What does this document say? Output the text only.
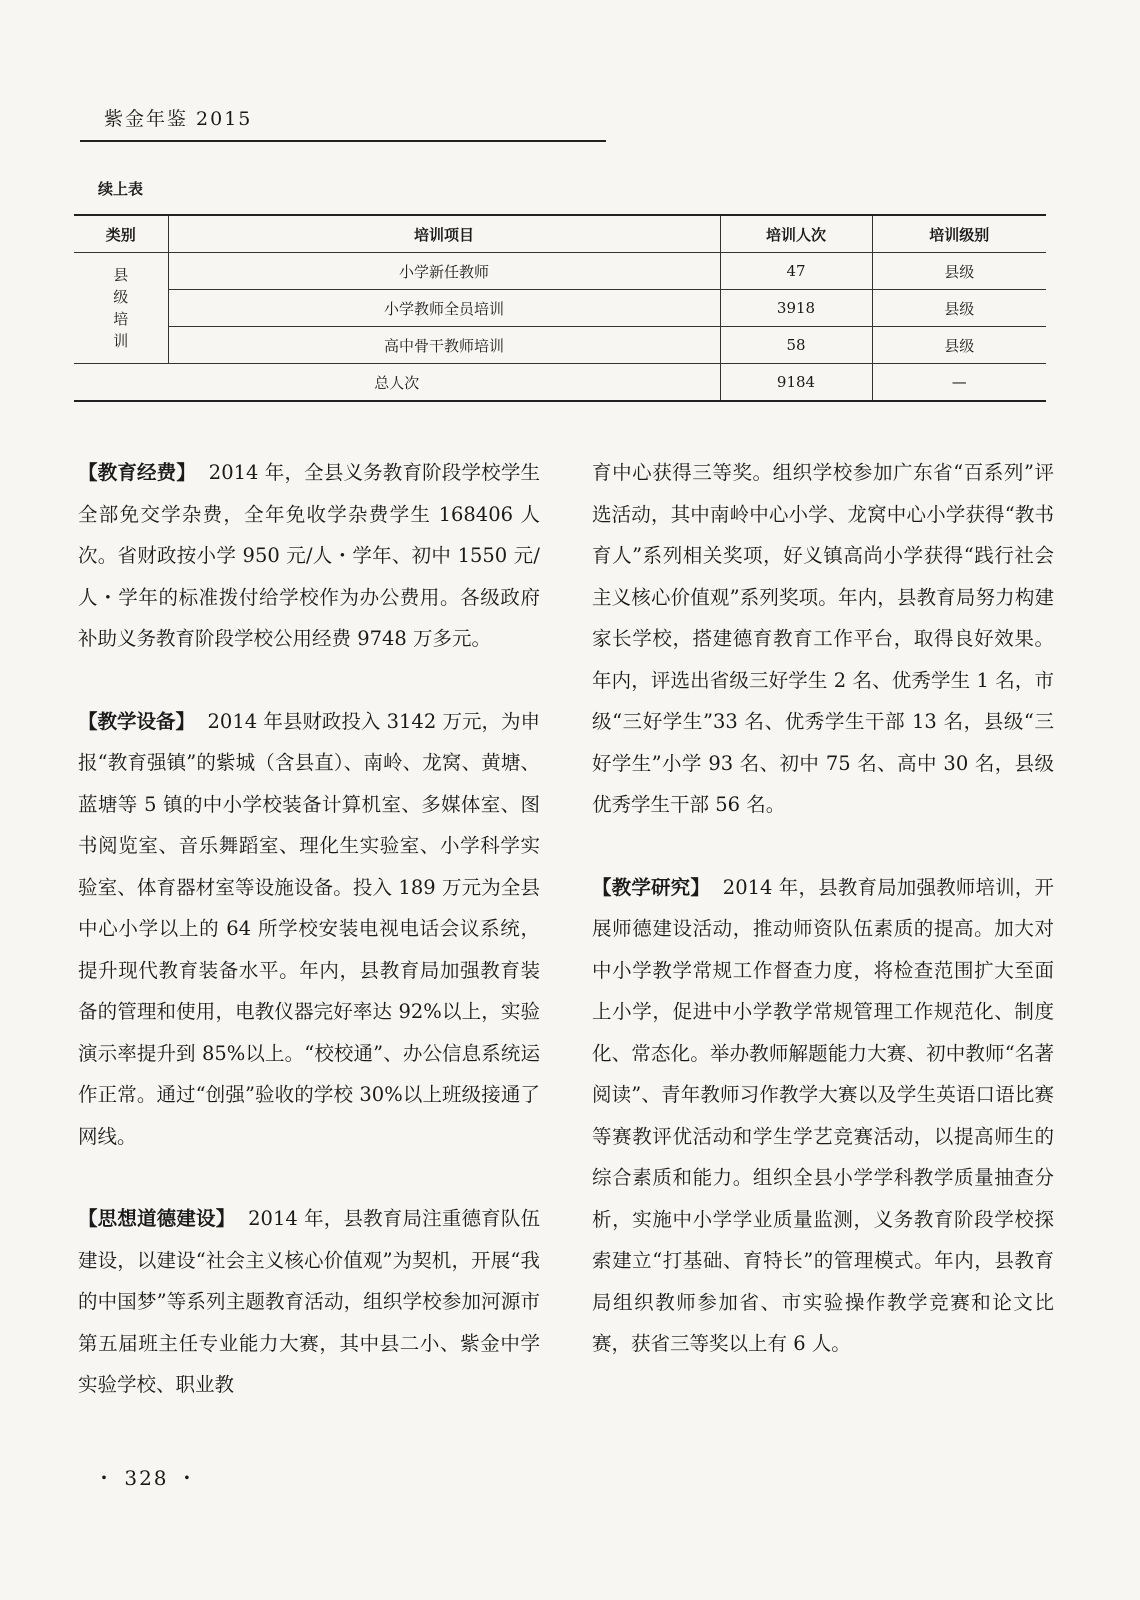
紫金年鉴 2015
续上表
类别	培训项目	培训人次	培训级别
县级培训	小学新任教师	47	县级
	小学教师全员培训	3918	县级
	高中骨干教师培训	58	县级
总人次		9184	—

【教育经费】 2014 年，全县义务教育阶段学校学生全部免交学杂费，全年免收学杂费学生 168406 人次。省财政按小学 950 元/人・学年、初中 1550 元/人・学年的标准拨付给学校作为办公费用。各级政府补助义务教育阶段学校公用经费 9748 万多元。

【教学设备】 2014 年县财政投入 3142 万元，为申报“教育强镇”的紫城（含县直）、南岭、龙窝、黄塘、蓝塘等 5 镇的中小学校装备计算机室、多媒体室、图书阅览室、音乐舞蹈室、理化生实验室、小学科学实验室、体育器材室等设施设备。投入 189 万元为全县中心小学以上的 64 所学校安装电视电话会议系统，提升现代教育装备水平。年内，县教育局加强教育装备的管理和使用，电教仪器完好率达 92%以上，实验演示率提升到 85%以上。“校校通”、办公信息系统运作正常。通过“创强”验收的学校 30%以上班级接通了网线。

【思想道德建设】 2014 年，县教育局注重德育队伍建设，以建设“社会主义核心价值观”为契机，开展“我的中国梦”等系列主题教育活动，组织学校参加河源市第五届班主任专业能力大赛，其中县二小、紫金中学实验学校、职业教

育中心获得三等奖。组织学校参加广东省“百系列”评选活动，其中南岭中心小学、龙窝中心小学获得“教书育人”系列相关奖项，好义镇高尚小学获得“践行社会主义核心价值观”系列奖项。年内，县教育局努力构建家长学校，搭建德育教育工作平台，取得良好效果。年内，评选出省级三好学生 2 名、优秀学生 1 名，市级“三好学生”33 名、优秀学生干部 13 名，县级“三好学生”小学 93 名、初中 75 名、高中 30 名，县级优秀学生干部 56 名。

【教学研究】 2014 年，县教育局加强教师培训，开展师德建设活动，推动师资队伍素质的提高。加大对中小学教学常规工作督查力度，将检查范围扩大至面上小学，促进中小学教学常规管理工作规范化、制度化、常态化。举办教师解题能力大赛、初中教师“名著阅读”、青年教师习作教学大赛以及学生英语口语比赛等赛教评优活动和学生学艺竞赛活动，以提高师生的综合素质和能力。组织全县小学学科教学质量抽查分析，实施中小学学业质量监测，义务教育阶段学校探索建立“打基础、育特长”的管理模式。年内，县教育局组织教师参加省、市实验操作教学竞赛和论文比赛，获省三等奖以上有 6 人。

・ 328 ・
